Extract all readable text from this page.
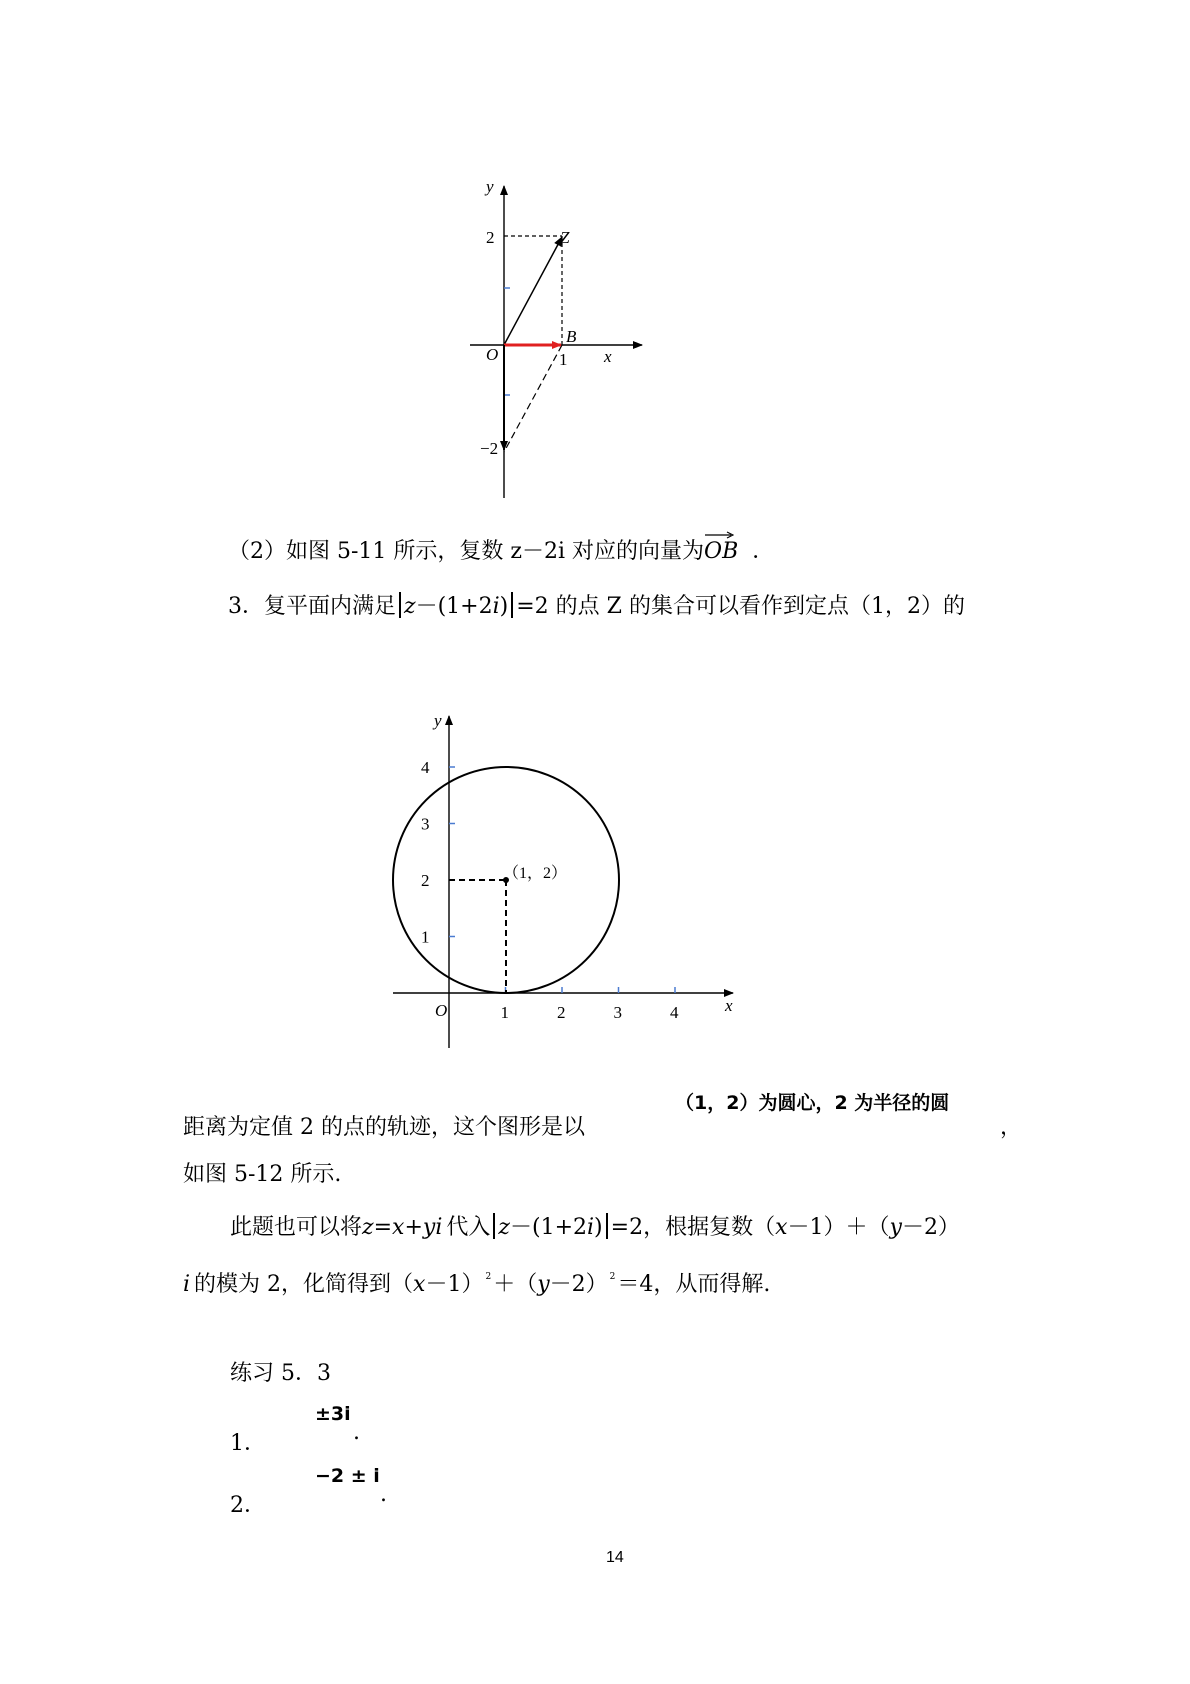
y
x
O
2
−2
1
Z
B
（2）如图 5-11 所示，复数 z－2i 对应的向量为OB ．
3．复平面内满足 z－(1+2i) =2 的点 Z 的集合可以看作到定点（1，2）的
1
2
3
4
1	2	3	4
（1，2）
y
x
O
距离为定值 2 的点的轨迹，这个图形是以
（1，2）为圆心，2 为半径的圆
，
如图 5-12 所示.
此题也可以将z=x+yi 代入 z－(1+2i) =2，根据复数（x－1）＋（y－2）
i 的模为 2，化简得到（x－1） $^2$＋（y－2） $^2$＝4，从而得解.
练习 5．3
1．
±3i
.
2．
−2 ± i
.
14
